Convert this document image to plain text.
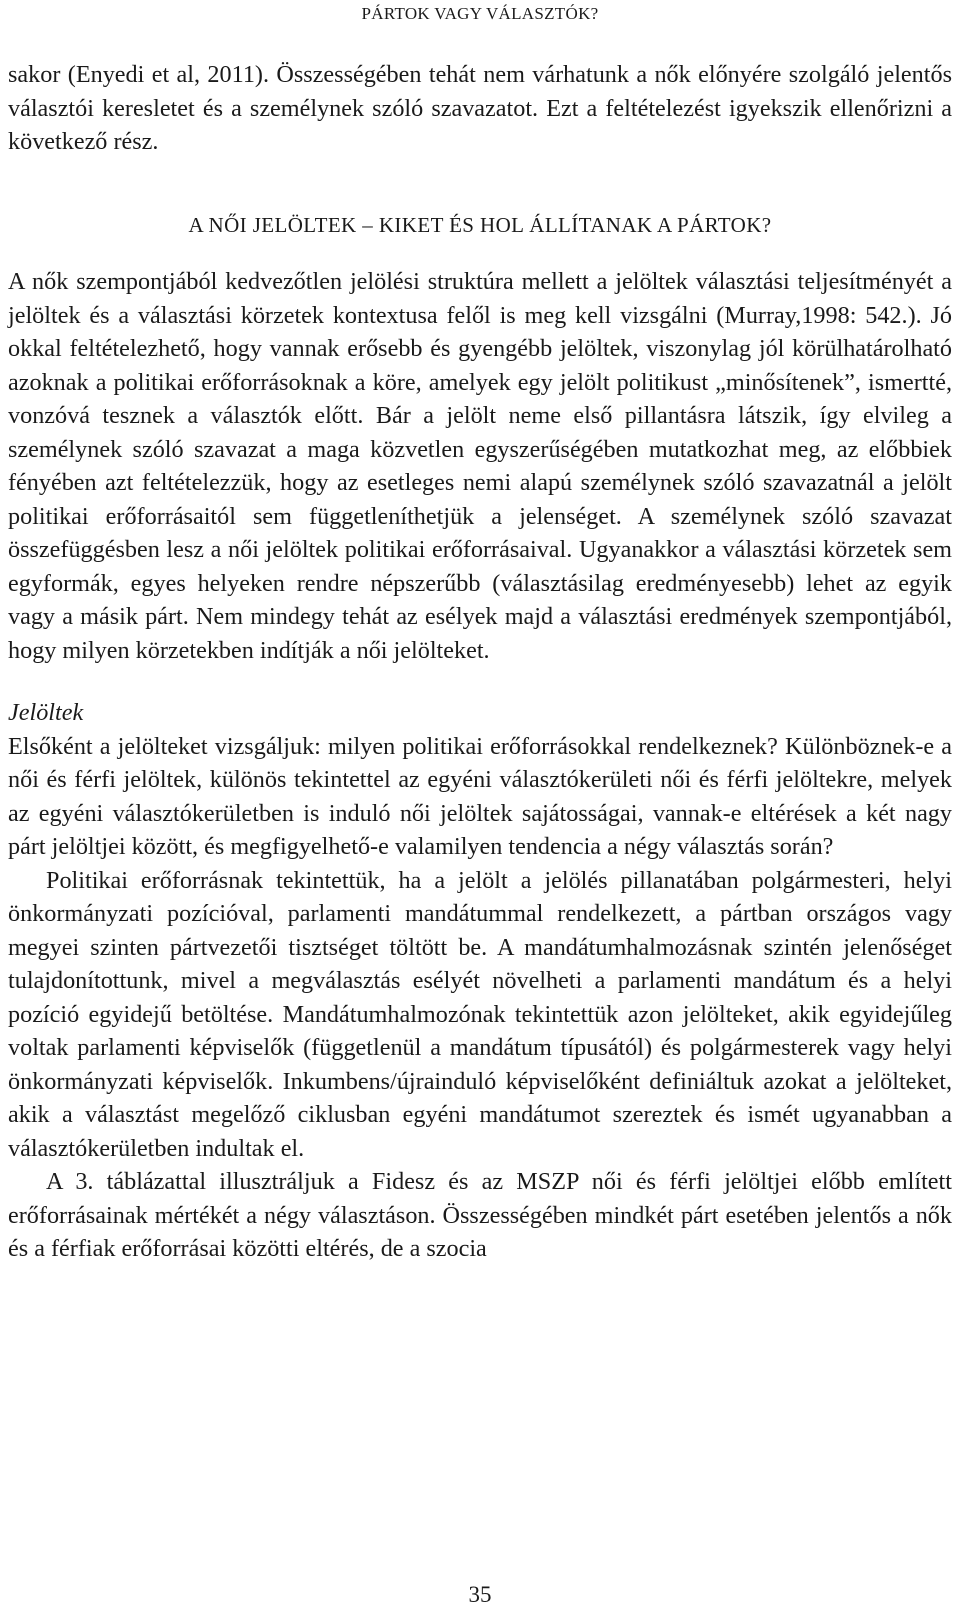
PÁRTOK VAGY VÁLASZTÓK?

sakor (Enyedi et al, 2011). Összességében tehát nem várhatunk a nők előnyére szolgáló jelentős választói keresletet és a személynek szóló szavazatot. Ezt a feltételezést igyekszik ellenőrizni a következő rész.

A NŐI JELÖLTEK – KIKET ÉS HOL ÁLLÍTANAK A PÁRTOK?

A nők szempontjából kedvezőtlen jelölési struktúra mellett a jelöltek választási teljesítményét a jelöltek és a választási körzetek kontextusa felől is meg kell vizsgálni (Murray,1998: 542.). Jó okkal feltételezhető, hogy vannak erősebb és gyengébb jelöltek, viszonylag jól körülhatárolható azoknak a politikai erőforrásoknak a köre, amelyek egy jelölt politikust „minősítenek”, ismertté, vonzóvá tesznek a választók előtt. Bár a jelölt neme első pillantásra látszik, így elvileg a személynek szóló szavazat a maga közvetlen egyszerűségében mutatkozhat meg, az előbbiek fényében azt feltételezzük, hogy az esetleges nemi alapú személynek szóló szavazatnál a jelölt politikai erőforrásaitól sem függetleníthetjük a jelenséget. A személynek szóló szavazat összefüggésben lesz a női jelöltek politikai erőforrásaival. Ugyanakkor a választási körzetek sem egyformák, egyes helyeken rendre népszerűbb (választásilag eredményesebb) lehet az egyik vagy a másik párt. Nem mindegy tehát az esélyek majd a választási eredmények szempontjából, hogy milyen körzetekben indítják a női jelölteket.

Jelöltek

Elsőként a jelölteket vizsgáljuk: milyen politikai erőforrásokkal rendelkeznek? Különböznek-e a női és férfi jelöltek, különös tekintettel az egyéni választókerületi női és férfi jelöltekre, melyek az egyéni választókerületben is induló női jelöltek sajátosságai, vannak-e eltérések a két nagy párt jelöltjei között, és megfigyelhető-e valamilyen tendencia a négy választás során?

Politikai erőforrásnak tekintettük, ha a jelölt a jelölés pillanatában polgármesteri, helyi önkormányzati pozícióval, parlamenti mandátummal rendelkezett, a pártban országos vagy megyei szinten pártvezetői tisztséget töltött be. A mandátumhalmozásnak szintén jelenőséget tulajdonítottunk, mivel a megválasztás esélyét növelheti a parlamenti mandátum és a helyi pozíció egyidejű betöltése. Mandátumhalmozónak tekintettük azon jelölteket, akik egyidejűleg voltak parlamenti képviselők (függetlenül a mandátum típusától) és polgármesterek vagy helyi önkormányzati képviselők. Inkumbens/újrainduló képviselőként definiáltuk azokat a jelölteket, akik a választást megelőző ciklusban egyéni mandátumot szereztek és ismét ugyanabban a választókerületben indultak el.

A 3. táblázattal illusztráljuk a Fidesz és az MSZP női és férfi jelöltjei előbb említett erőforrásainak mértékét a négy választáson. Összességében mindkét párt esetében jelentős a nők és a férfiak erőforrásai közötti eltérés, de a szocia

35
